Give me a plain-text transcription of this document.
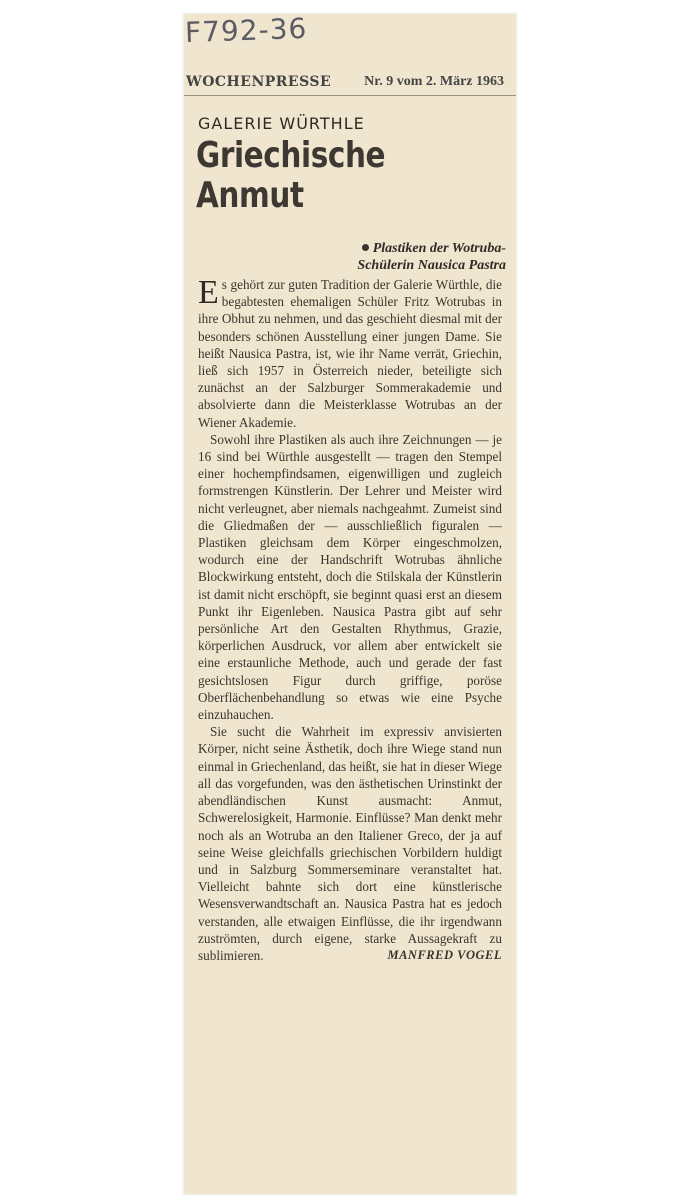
WOCHENPRESSE Nr. 9 vom 2. März 1963
GALERIE WÜRTHLE
Griechische
Anmut
Plastiken der Wotruba-
Schülerin Nausica Pastra

Es gehört zur guten Tradition der Galerie Würthle, die begabtesten ehemaligen Schüler Fritz Wotrubas in ihre Obhut zu nehmen, und das geschieht diesmal mit der besonders schönen Ausstellung einer jungen Dame. Sie heißt Nausica Pastra, ist, wie ihr Name verrät, Griechin, ließ sich 1957 in Österreich nieder, beteiligte sich zunächst an der Salzburger Sommerakademie und absolvierte dann die Meisterklasse Wotrubas an der Wiener Akademie.

Sowohl ihre Plastiken als auch ihre Zeichnungen — je 16 sind bei Würthle ausgestellt — tragen den Stempel einer hochempfindsamen, eigenwilligen und zugleich formstrengen Künstlerin. Der Lehrer und Meister wird nicht verleugnet, aber niemals nachgeahmt. Zumeist sind die Gliedmaßen der — ausschließlich figuralen — Plastiken gleichsam dem Körper eingeschmolzen, wodurch eine der Handschrift Wotrubas ähnliche Blockwirkung entsteht, doch die Stilskala der Künstlerin ist damit nicht erschöpft, sie beginnt quasi erst an diesem Punkt ihr Eigenleben. Nausica Pastra gibt auf sehr persönliche Art den Gestalten Rhythmus, Grazie, körperlichen Ausdruck, vor allem aber entwickelt sie eine erstaunliche Methode, auch und gerade der fast gesichtslosen Figur durch griffige, poröse Oberflächenbehandlung so etwas wie eine Psyche einzuhauchen.

Sie sucht die Wahrheit im expressiv anvisierten Körper, nicht seine Ästhetik, doch ihre Wiege stand nun einmal in Griechenland, das heißt, sie hat in dieser Wiege all das vorgefunden, was den ästhetischen Urinstinkt der abendländischen Kunst ausmacht: Anmut, Schwerelosigkeit, Harmonie. Einflüsse? Man denkt mehr noch als an Wotruba an den Italiener Greco, der ja auf seine Weise gleichfalls griechischen Vorbildern huldigt und in Salzburg Sommerseminare veranstaltet hat. Vielleicht bahnte sich dort eine künstlerische Wesensverwandtschaft an. Nausica Pastra hat es jedoch verstanden, alle etwaigen Einflüsse, die ihr irgendwann zuströmten, durch eigene, starke Aussagekraft zu sublimieren.	MANFRED VOGEL

F792-36
